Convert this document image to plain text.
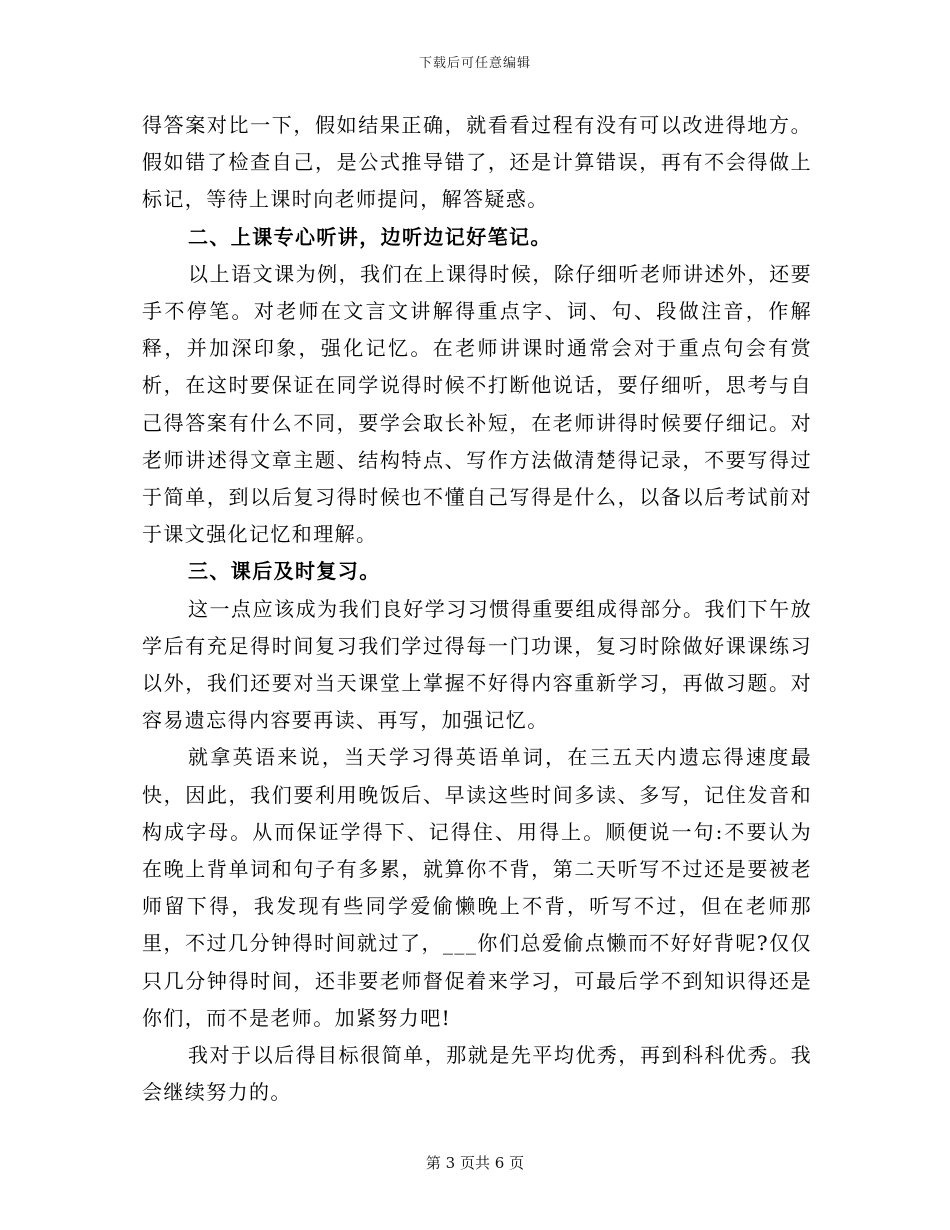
下载后可任意编辑

得答案对比一下，假如结果正确，就看看过程有没有可以改进得地方。假如错了检查自己，是公式推导错了，还是计算错误，再有不会得做上标记，等待上课时向老师提问，解答疑惑。

二、上课专心听讲，边听边记好笔记。

以上语文课为例，我们在上课得时候，除仔细听老师讲述外，还要手不停笔。对老师在文言文讲解得重点字、词、句、段做注音，作解释，并加深印象，强化记忆。在老师讲课时通常会对于重点句会有赏析，在这时要保证在同学说得时候不打断他说话，要仔细听，思考与自己得答案有什么不同，要学会取长补短，在老师讲得时候要仔细记。对老师讲述得文章主题、结构特点、写作方法做清楚得记录，不要写得过于简单，到以后复习得时候也不懂自己写得是什么，以备以后考试前对于课文强化记忆和理解。

三、课后及时复习。

这一点应该成为我们良好学习习惯得重要组成得部分。我们下午放学后有充足得时间复习我们学过得每一门功课，复习时除做好课课练习以外，我们还要对当天课堂上掌握不好得内容重新学习，再做习题。对容易遗忘得内容要再读、再写，加强记忆。

就拿英语来说，当天学习得英语单词，在三五天内遗忘得速度最快，因此，我们要利用晚饭后、早读这些时间多读、多写，记住发音和构成字母。从而保证学得下、记得住、用得上。顺便说一句:不要认为在晚上背单词和句子有多累，就算你不背，第二天听写不过还是要被老师留下得，我发现有些同学爱偷懒晚上不背，听写不过，但在老师那里，不过几分钟得时间就过了，___你们总爱偷点懒而不好好背呢?仅仅只几分钟得时间，还非要老师督促着来学习，可最后学不到知识得还是你们，而不是老师。加紧努力吧!

我对于以后得目标很简单，那就是先平均优秀，再到科科优秀。我会继续努力的。

第 3 页共 6 页
